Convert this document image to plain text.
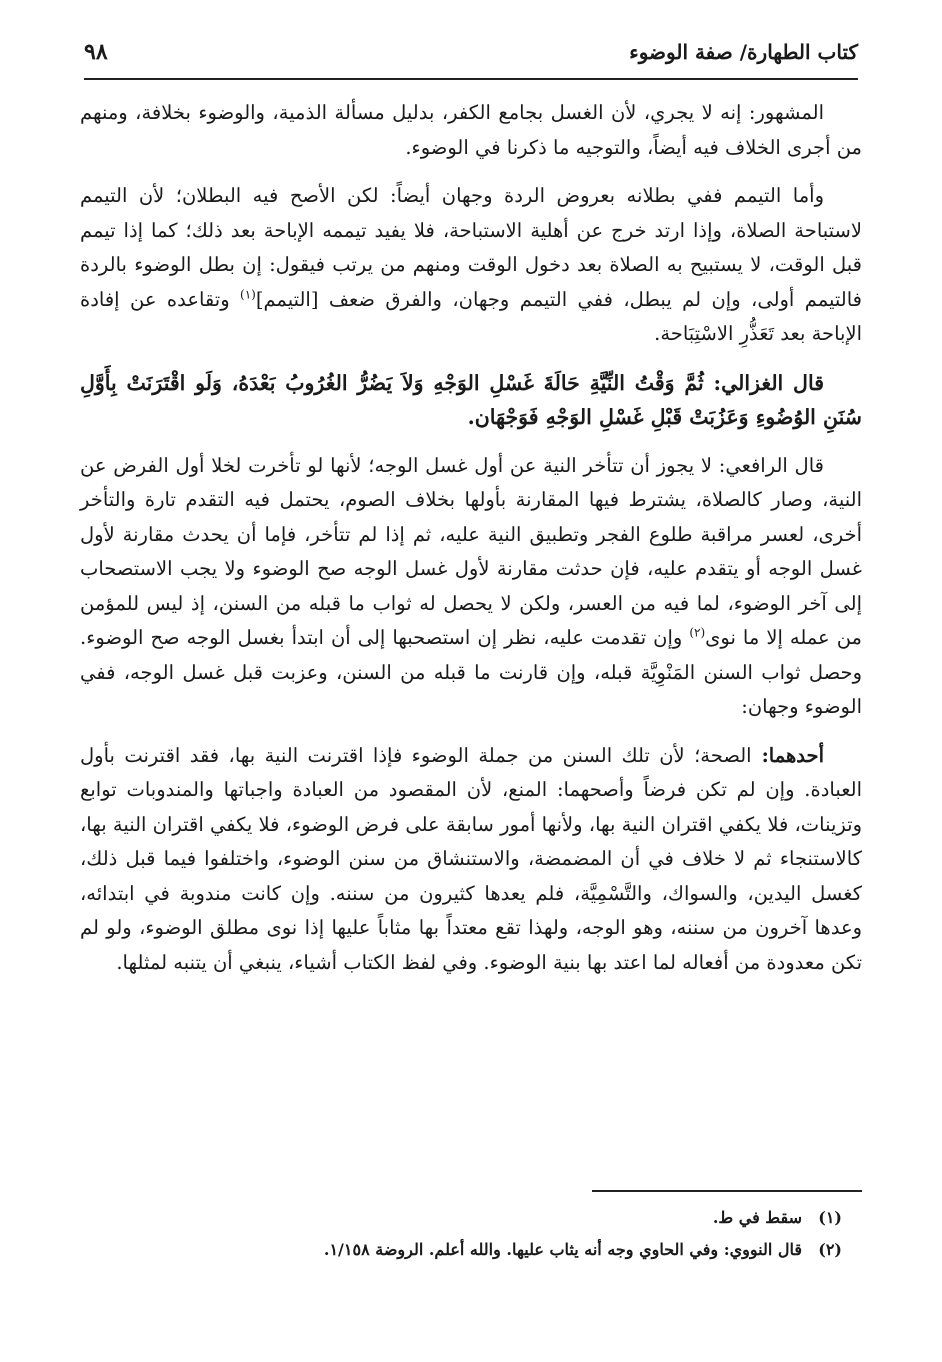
كتاب الطهارة/ صفة الوضوء
٩٨

المشهور: إنه لا يجري، لأن الغسل بجامع الكفر، بدليل مسألة الذمية، والوضوء بخلافة، ومنهم من أجرى الخلاف فيه أيضاً، والتوجيه ما ذكرنا في الوضوء.

وأما التيمم ففي بطلانه بعروض الردة وجهان أيضاً: لكن الأصح فيه البطلان؛ لأن التيمم لاستباحة الصلاة، وإذا ارتد خرج عن أهلية الاستباحة، فلا يفيد تيممه الإباحة بعد ذلك؛ كما إذا تيمم قبل الوقت، لا يستبيح به الصلاة بعد دخول الوقت ومنهم من يرتب فيقول: إن بطل الوضوء بالردة فالتيمم أولى، وإن لم يبطل، ففي التيمم وجهان، والفرق ضعف [التيمم]$^{(١)}$ وتقاعده عن إفادة الإباحة بعد تَعَذُّرِ الاسْتِبَاحة.

قال الغزالي: ثُمَّ وَقْتُ النِّيَّةِ حَالَةَ غَسْلِ الوَجْهِ وَلاَ يَضُرُّ الغُرُوبُ بَعْدَهُ، وَلَو اقْتَرَنَتْ بِأَوَّلِ سُنَنِ الوُضُوءِ وَعَزُبَتْ قَبْلِ غَسْلِ الوَجْهِ فَوَجْهَان.

قال الرافعي: لا يجوز أن تتأخر النية عن أول غسل الوجه؛ لأنها لو تأخرت لخلا أول الفرض عن النية، وصار كالصلاة، يشترط فيها المقارنة بأولها بخلاف الصوم، يحتمل فيه التقدم تارة والتأخر أخرى، لعسر مراقبة طلوع الفجر وتطبيق النية عليه، ثم إذا لم تتأخر، فإما أن يحدث مقارنة لأول غسل الوجه أو يتقدم عليه، فإن حدثت مقارنة لأول غسل الوجه صح الوضوء ولا يجب الاستصحاب إلى آخر الوضوء، لما فيه من العسر، ولكن لا يحصل له ثواب ما قبله من السنن، إذ ليس للمؤمن من عمله إلا ما نوى$^{(٢)}$ وإن تقدمت عليه، نظر إن استصحبها إلى أن ابتدأ بغسل الوجه صح الوضوء. وحصل ثواب السنن المَنْوِيَّة قبله، وإن قارنت ما قبله من السنن، وعزبت قبل غسل الوجه، ففي الوضوء وجهان:

أحدهما: الصحة؛ لأن تلك السنن من جملة الوضوء فإذا اقترنت النية بها، فقد اقترنت بأول العبادة. وإن لم تكن فرضاً وأصحهما: المنع، لأن المقصود من العبادة واجباتها والمندوبات توابع وتزينات، فلا يكفي اقتران النية بها، ولأنها أمور سابقة على فرض الوضوء، فلا يكفي اقتران النية بها، كالاستنجاء ثم لا خلاف في أن المضمضة، والاستنشاق من سنن الوضوء، واختلفوا فيما قبل ذلك، كغسل اليدين، والسواك، والتَّسْمِيَّة، فلم يعدها كثيرون من سننه. وإن كانت مندوبة في ابتدائه، وعدها آخرون من سننه، وهو الوجه، ولهذا تقع معتداً بها مثاباً عليها إذا نوى مطلق الوضوء، ولو لم تكن معدودة من أفعاله لما اعتد بها بنية الوضوء. وفي لفظ الكتاب أشياء، ينبغي أن يتنبه لمثلها.

(١)سقط في ط.

(٢)قال النووي: وفي الحاوي وجه أنه يثاب عليها. والله أعلم. الروضة ١/١٥٨.
